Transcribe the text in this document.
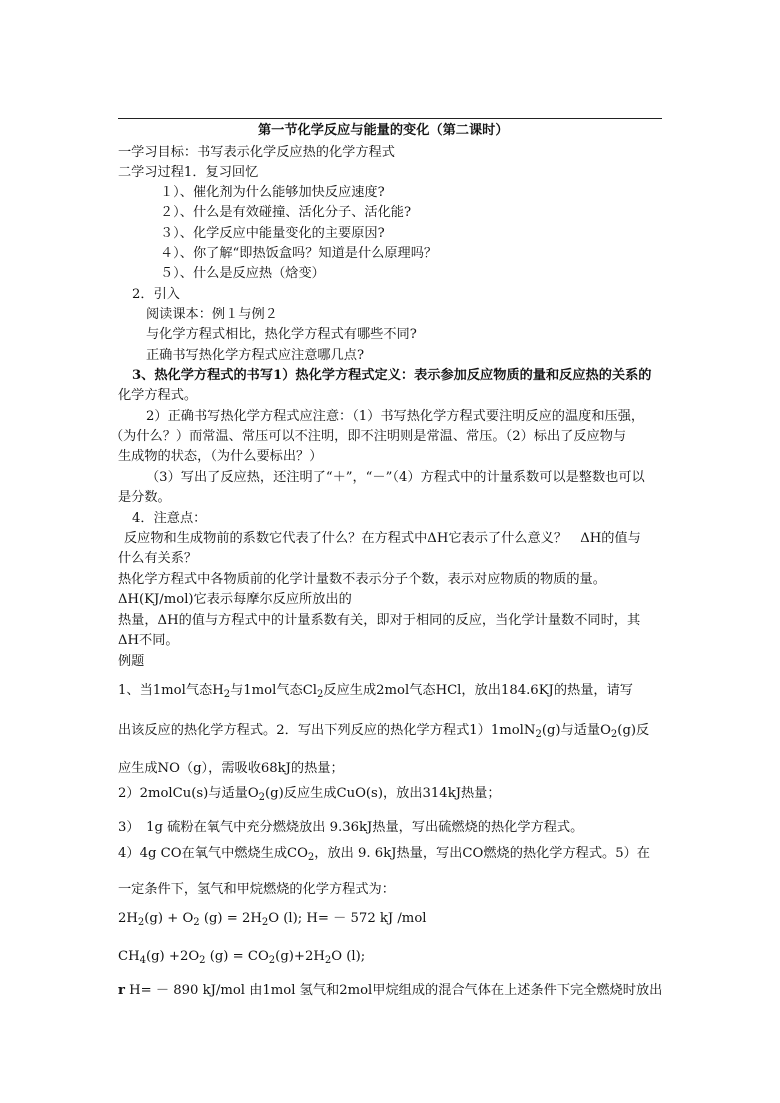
第一节化学反应与能量的变化（第二课时）
一学习目标：书写表示化学反应热的化学方程式
二学习过程1．复习回忆
１）、催化剂为什么能够加快反应速度?
２）、什么是有效碰撞、活化分子、活化能?
３）、化学反应中能量变化的主要原因?
４）、你了解“即热饭盒吗？知道是什么原理吗？
５）、什么是反应热（焓变）
2．引入
阅读课本：例１与例２
与化学方程式相比，热化学方程式有哪些不同?
正确书写热化学方程式应注意哪几点?
3、热化学方程式的书写1）热化学方程式定义：表示参加反应物质的量和反应热的关系的
化学方程式。
2）正确书写热化学方程式应注意：（1）书写热化学方程式要注明反应的温度和压强，
（为什么？）而常温、常压可以不注明，即不注明则是常温、常压。（2）标出了反应物与
生成物的状态，（为什么要标出？）
（3）写出了反应热，还注明了“＋”，“－”（4）方程式中的计量系数可以是整数也可以
是分数。
4．注意点：
反应物和生成物前的系数它代表了什么？在方程式中ΔH它表示了什么意义？　ΔH的值与
什么有关系？
热化学方程式中各物质前的化学计量数不表示分子个数，表示对应物质的物质的量。
ΔH(KJ/mol)它表示每摩尔反应所放出的
热量，ΔH的值与方程式中的计量系数有关，即对于相同的反应，当化学计量数不同时，其
ΔH不同。
例题
1、当1mol气态$H_2$与1mol气态$Cl_2$反应生成2mol气态HCl，放出184.6KJ的热量，请写
出该反应的热化学方程式。2．写出下列反应的热化学方程式1）1molN$_2$(g)与适量$O_2(g)$反
应生成NO（g），需吸收68kJ的热量；
2）2molCu(s)与适量$O_2(g)$反应生成CuO(s)，放出314kJ热量；
3）　1g 硫粉在氧气中充分燃烧放出 9.36kJ热量，写出硫燃烧的热化学方程式。
4）4g CO在氧气中燃烧生成$CO_2$，放出 9. 6kJ热量，写出CO燃烧的热化学方程式。5）在
一定条件下，氢气和甲烷燃烧的化学方程式为：
$2H_2(g) + O_2$ $(g) = 2H_2O$ (l); H= － 572 kJ /mol
$CH_4(g) +2O_2$ $(g) = CO_2(g)+2H_2O$ (l);
r H= － 890 kJ/mol 由1mol 氢气和2mol甲烷组成的混合气体在上述条件下完全燃烧时放出
